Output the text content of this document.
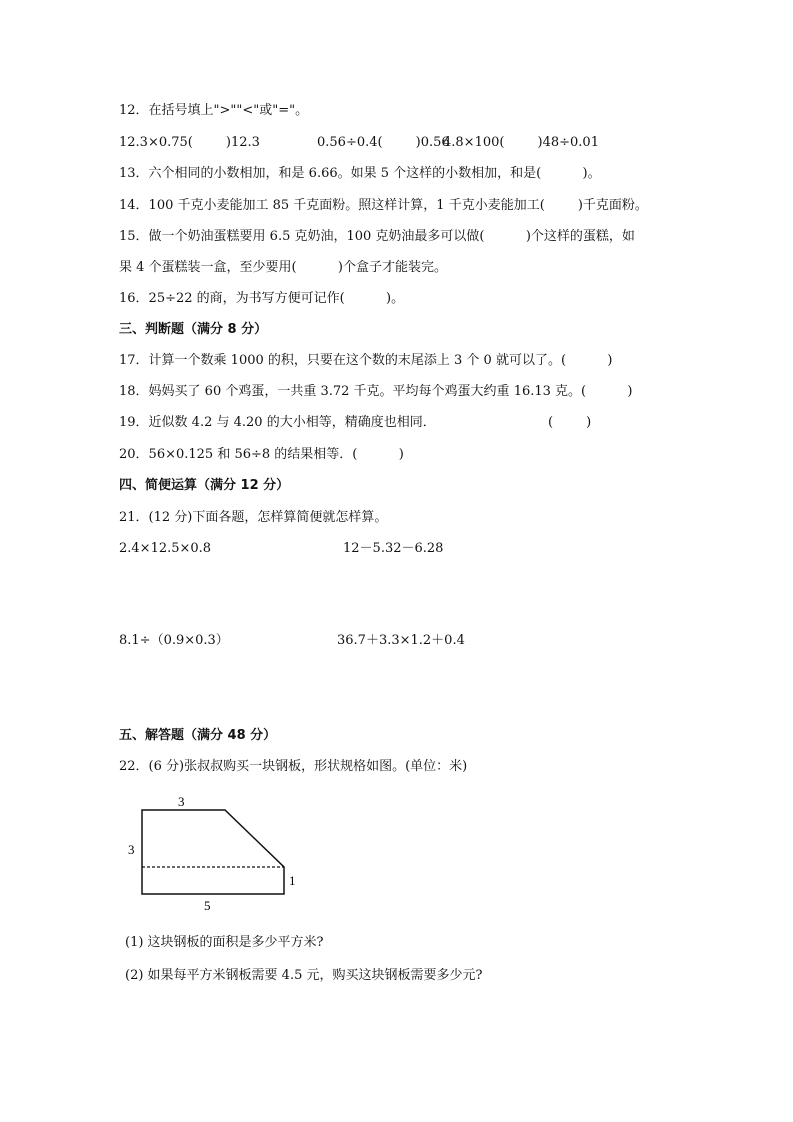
12．在括号填上">""<"或"="。
12.3×0.75(        )12.3	0.56÷0.4(        )0.56
4.8×100(        )48÷0.01
13．六个相同的小数相加，和是 6.66。如果 5 个这样的小数相加，和是(          )。
14．100 千克小麦能加工 85 千克面粉。照这样计算，1 千克小麦能加工(        )千克面粉。
15．做一个奶油蛋糕要用 6.5 克奶油，100 克奶油最多可以做(          )个这样的蛋糕，如
果 4 个蛋糕装一盒，至少要用(          )个盒子才能装完。
16．25÷22 的商，为书写方便可记作(          )。
三、判断题（满分 8 分）
17．计算一个数乘 1000 的积，只要在这个数的末尾添上 3 个 0 就可以了。(          )
18．妈妈买了 60 个鸡蛋，一共重 3.72 千克。平均每个鸡蛋大约重 16.13 克。(          )
19．近似数 4.2 与 4.20 的大小相等，精确度也相同．	(        )
20．56×0.125 和 56÷8 的结果相等．(          )
四、简便运算（满分 12 分）
21．(12 分)下面各题，怎样算简便就怎样算。
2.4×12.5×0.8	12－5.32－6.28
8.1÷（0.9×0.3）	36.7＋3.3×1.2＋0.4
五、解答题（满分 48 分）
22．(6 分)张叔叔购买一块钢板，形状规格如图。(单位：米)
3
3
1
5
(1) 这块钢板的面积是多少平方米?
(2) 如果每平方米钢板需要 4.5 元，购买这块钢板需要多少元?
